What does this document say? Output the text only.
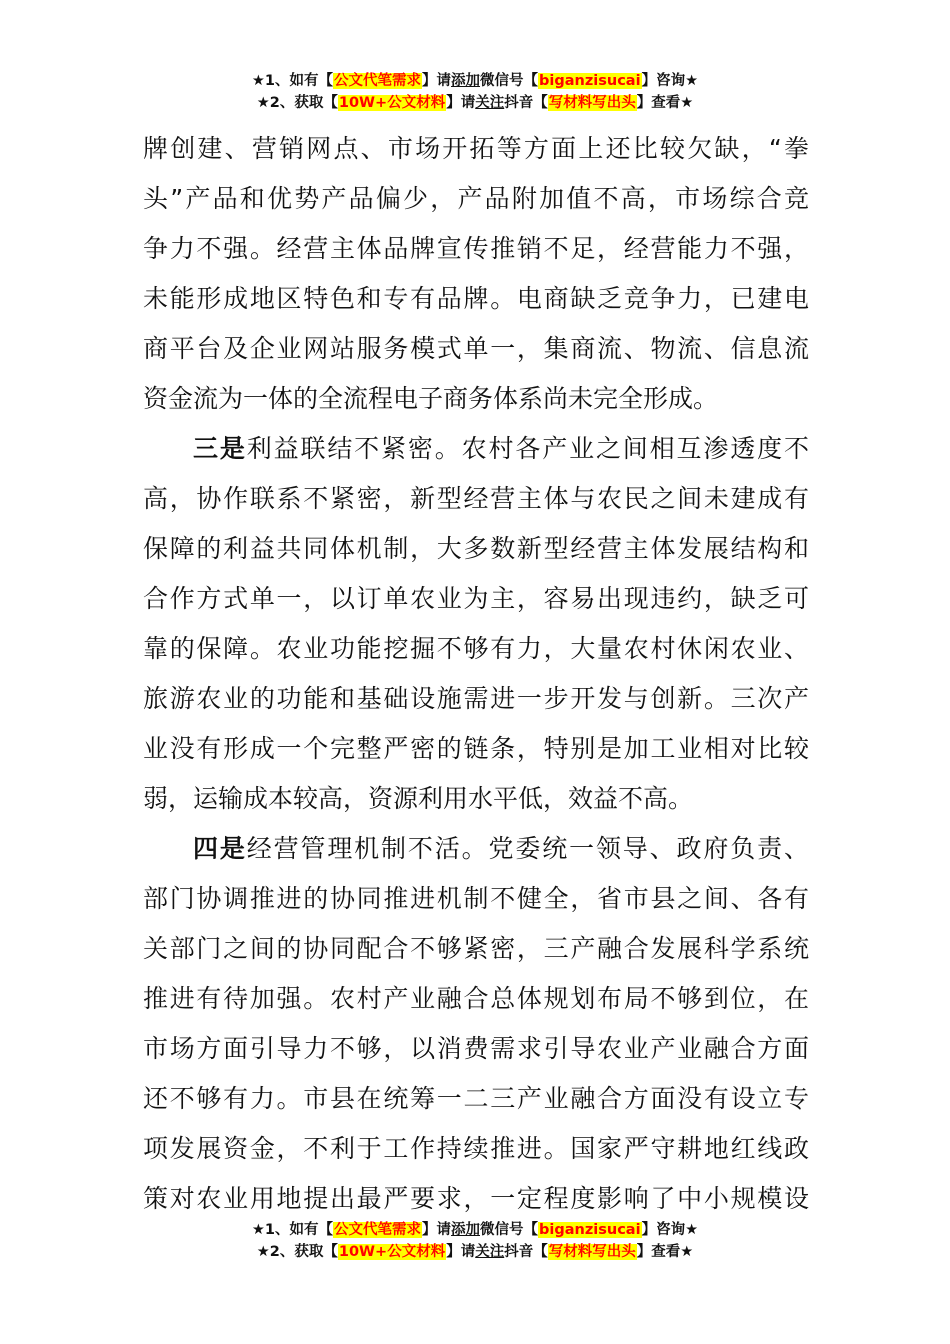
★1、如有【公文代笔需求】请添加微信号【biganzisucai】咨询★
★2、获取【10W+公文材料】请关注抖音【写材料写出头】查看★
牌创建、营销网点、市场开拓等方面上还比较欠缺，“拳
头”产品和优势产品偏少，产品附加值不高，市场综合竞
争力不强。经营主体品牌宣传推销不足，经营能力不强，
未能形成地区特色和专有品牌。电商缺乏竞争力，已建电
商平台及企业网站服务模式单一，集商流、物流、信息流
资金流为一体的全流程电子商务体系尚未完全形成。
三是利益联结不紧密。农村各产业之间相互渗透度不
高，协作联系不紧密，新型经营主体与农民之间未建成有
保障的利益共同体机制，大多数新型经营主体发展结构和
合作方式单一，以订单农业为主，容易出现违约，缺乏可
靠的保障。农业功能挖掘不够有力，大量农村休闲农业、
旅游农业的功能和基础设施需进一步开发与创新。三次产
业没有形成一个完整严密的链条，特别是加工业相对比较
弱，运输成本较高，资源利用水平低，效益不高。
四是经营管理机制不活。党委统一领导、政府负责、
部门协调推进的协同推进机制不健全，省市县之间、各有
关部门之间的协同配合不够紧密，三产融合发展科学系统
推进有待加强。农村产业融合总体规划布局不够到位，在
市场方面引导力不够，以消费需求引导农业产业融合方面
还不够有力。市县在统筹一二三产业融合方面没有设立专
项发展资金，不利于工作持续推进。国家严守耕地红线政
策对农业用地提出最严要求，一定程度影响了中小规模设
★1、如有【公文代笔需求】请添加微信号【biganzisucai】咨询★
★2、获取【10W+公文材料】请关注抖音【写材料写出头】查看★
